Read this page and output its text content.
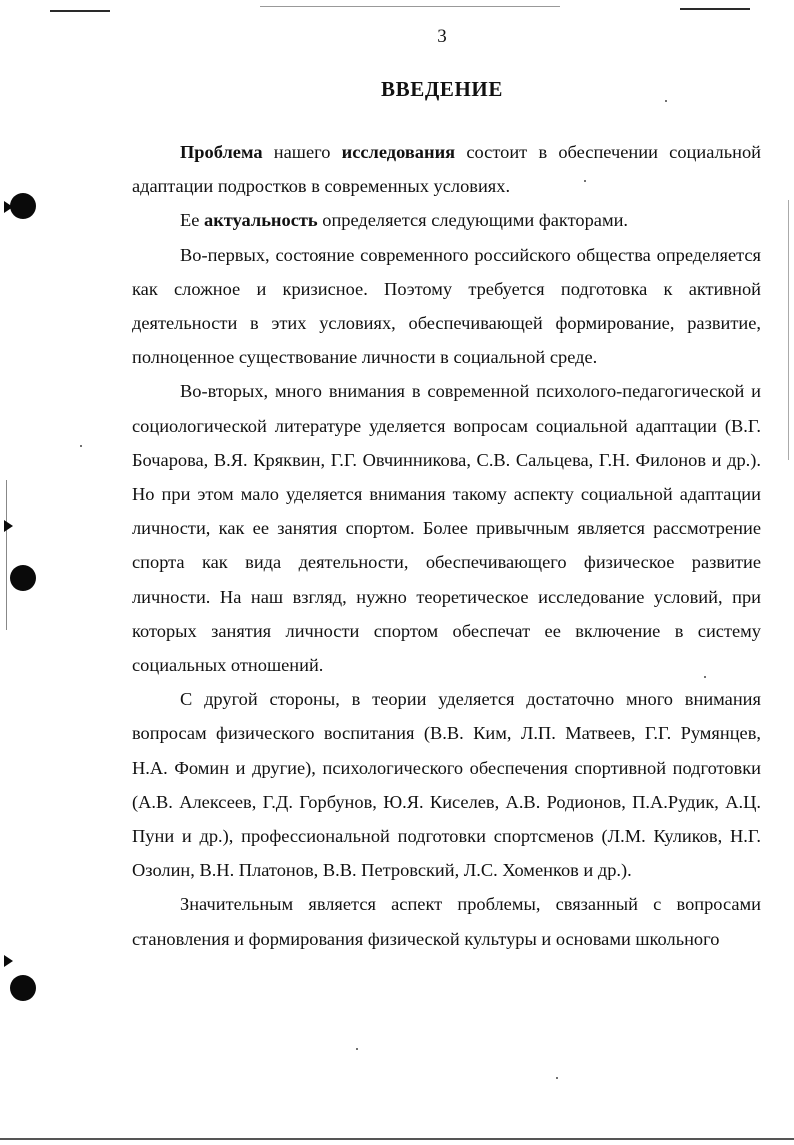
3
ВВЕДЕНИЕ

Проблема нашего исследования состоит в обеспечении социальной адаптации подростков в современных условиях.

Ее актуальность определяется следующими факторами.

Во-первых, состояние современного российского общества определяется как сложное и кризисное. Поэтому требуется подготовка к активной деятельности в этих условиях, обеспечивающей формирование, развитие, полноценное существование личности в социальной среде.

Во-вторых, много внимания в современной психолого-педагогической и социологической литературе уделяется вопросам социальной адаптации (В.Г. Бочарова, В.Я. Кряквин, Г.Г. Овчинникова, С.В. Сальцева, Г.Н. Филонов и др.). Но при этом мало уделяется внимания такому аспекту социальной адаптации личности, как ее занятия спортом. Более привычным является рассмотрение спорта как вида деятельности, обеспечивающего физическое развитие личности. На наш взгляд, нужно теоретическое исследование условий, при которых занятия личности спортом обеспечат ее включение в систему социальных отношений.

С другой стороны, в теории уделяется достаточно много внимания вопросам физического воспитания (В.В. Ким, Л.П. Матвеев, Г.Г. Румянцев, Н.А. Фомин и другие), психологического обеспечения спортивной подготовки (А.В. Алексеев, Г.Д. Горбунов, Ю.Я. Киселев, А.В. Родионов, П.А.Рудик, А.Ц. Пуни и др.), профессиональной подготовки спортсменов (Л.М. Куликов, Н.Г. Озолин, В.Н. Платонов, В.В. Петровский, Л.С. Хоменков и др.).

Значительным является аспект проблемы, связанный с вопросами становления и формирования физической культуры и основами школьного
